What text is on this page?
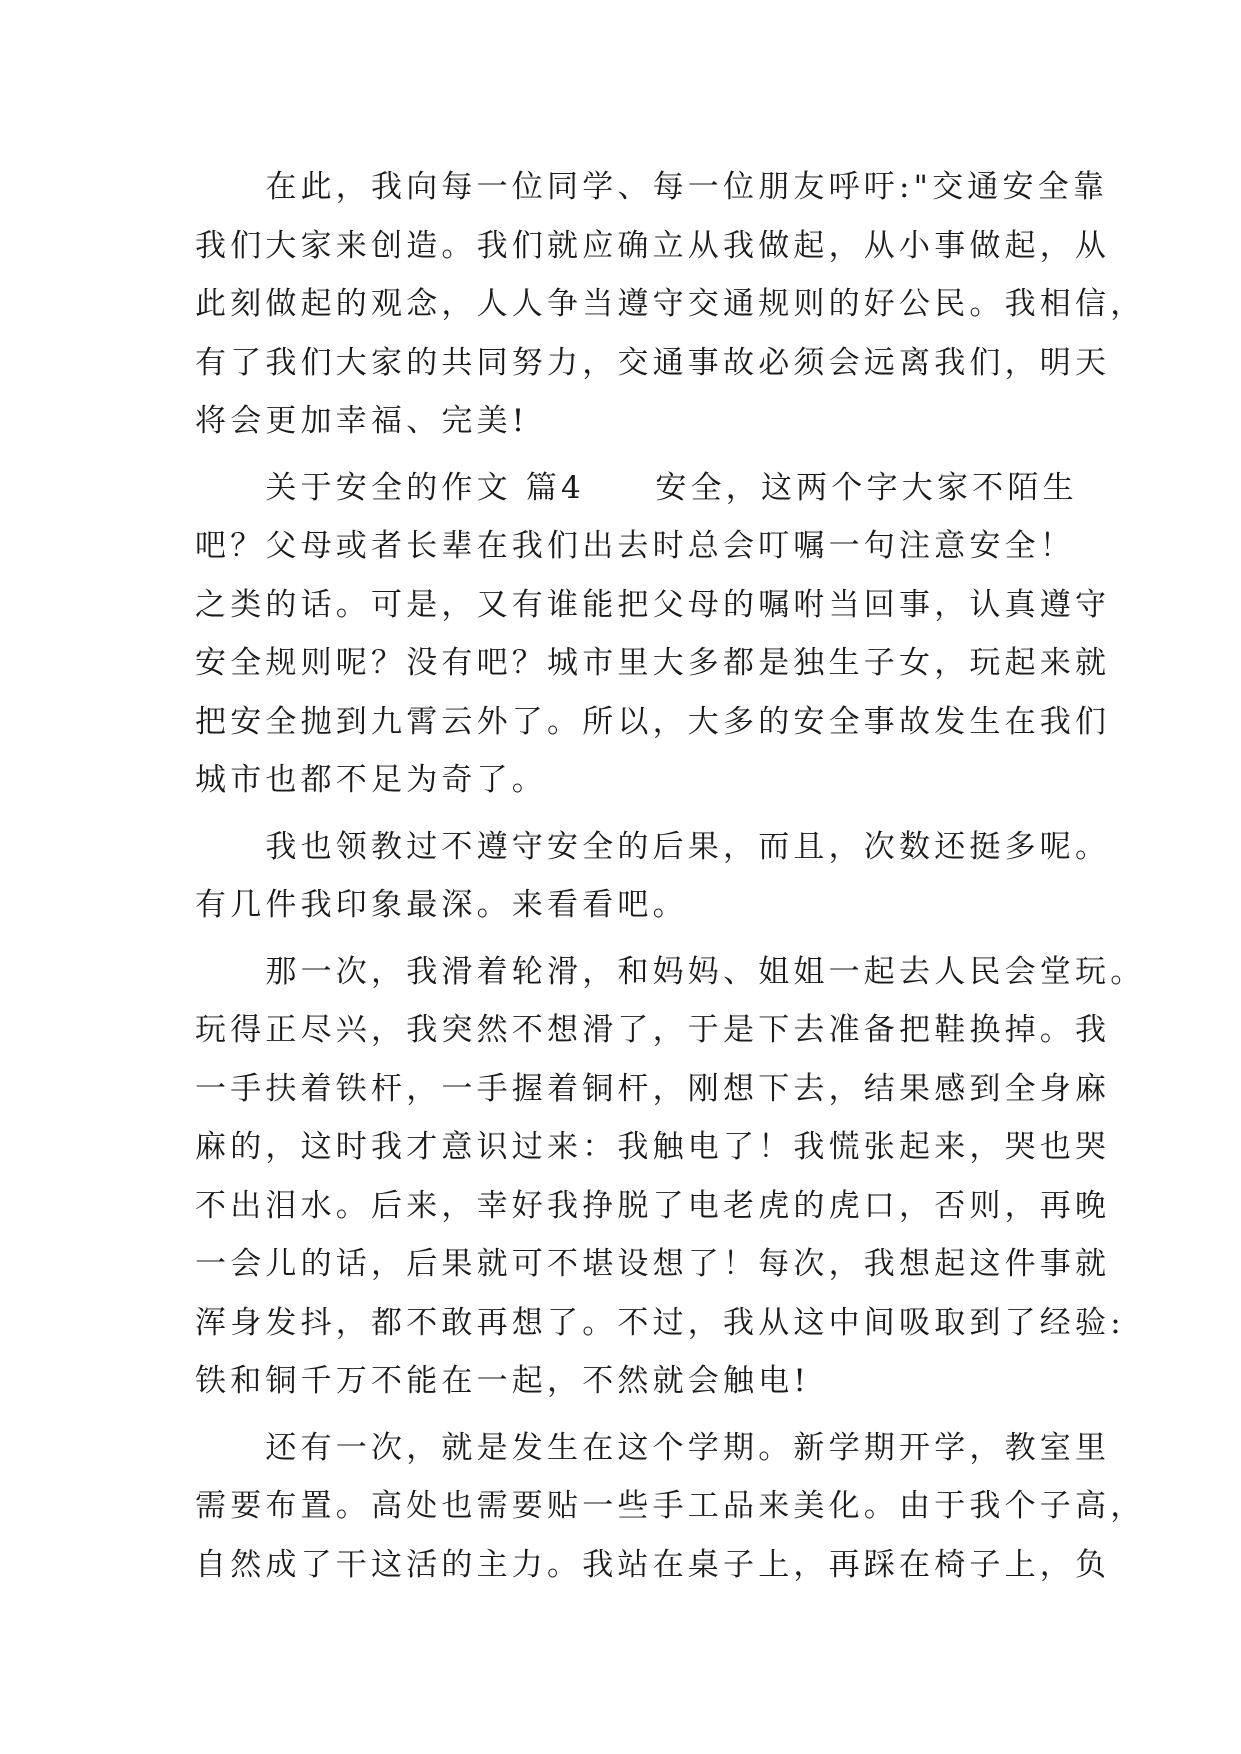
　　在此，我向每一位同学、每一位朋友呼吁:"交通安全靠
我们大家来创造。我们就应确立从我做起，从小事做起，从
此刻做起的观念，人人争当遵守交通规则的好公民。我相信，
有了我们大家的共同努力，交通事故必须会远离我们，明天
将会更加幸福、完美!
　　关于安全的作文 篇4　　安全，这两个字大家不陌生
吧？父母或者长辈在我们出去时总会叮嘱一句注意安全！
之类的话。可是，又有谁能把父母的嘱咐当回事，认真遵守
安全规则呢？没有吧？城市里大多都是独生子女，玩起来就
把安全抛到九霄云外了。所以，大多的安全事故发生在我们
城市也都不足为奇了。
　　我也领教过不遵守安全的后果，而且，次数还挺多呢。
有几件我印象最深。来看看吧。
　　那一次，我滑着轮滑，和妈妈、姐姐一起去人民会堂玩。
玩得正尽兴，我突然不想滑了，于是下去准备把鞋换掉。我
一手扶着铁杆，一手握着铜杆，刚想下去，结果感到全身麻
麻的，这时我才意识过来：我触电了！我慌张起来，哭也哭
不出泪水。后来，幸好我挣脱了电老虎的虎口，否则，再晚
一会儿的话，后果就可不堪设想了！每次，我想起这件事就
浑身发抖，都不敢再想了。不过，我从这中间吸取到了经验:
铁和铜千万不能在一起，不然就会触电!
　　还有一次，就是发生在这个学期。新学期开学，教室里
需要布置。高处也需要贴一些手工品来美化。由于我个子高，
自然成了干这活的主力。我站在桌子上，再踩在椅子上，负
